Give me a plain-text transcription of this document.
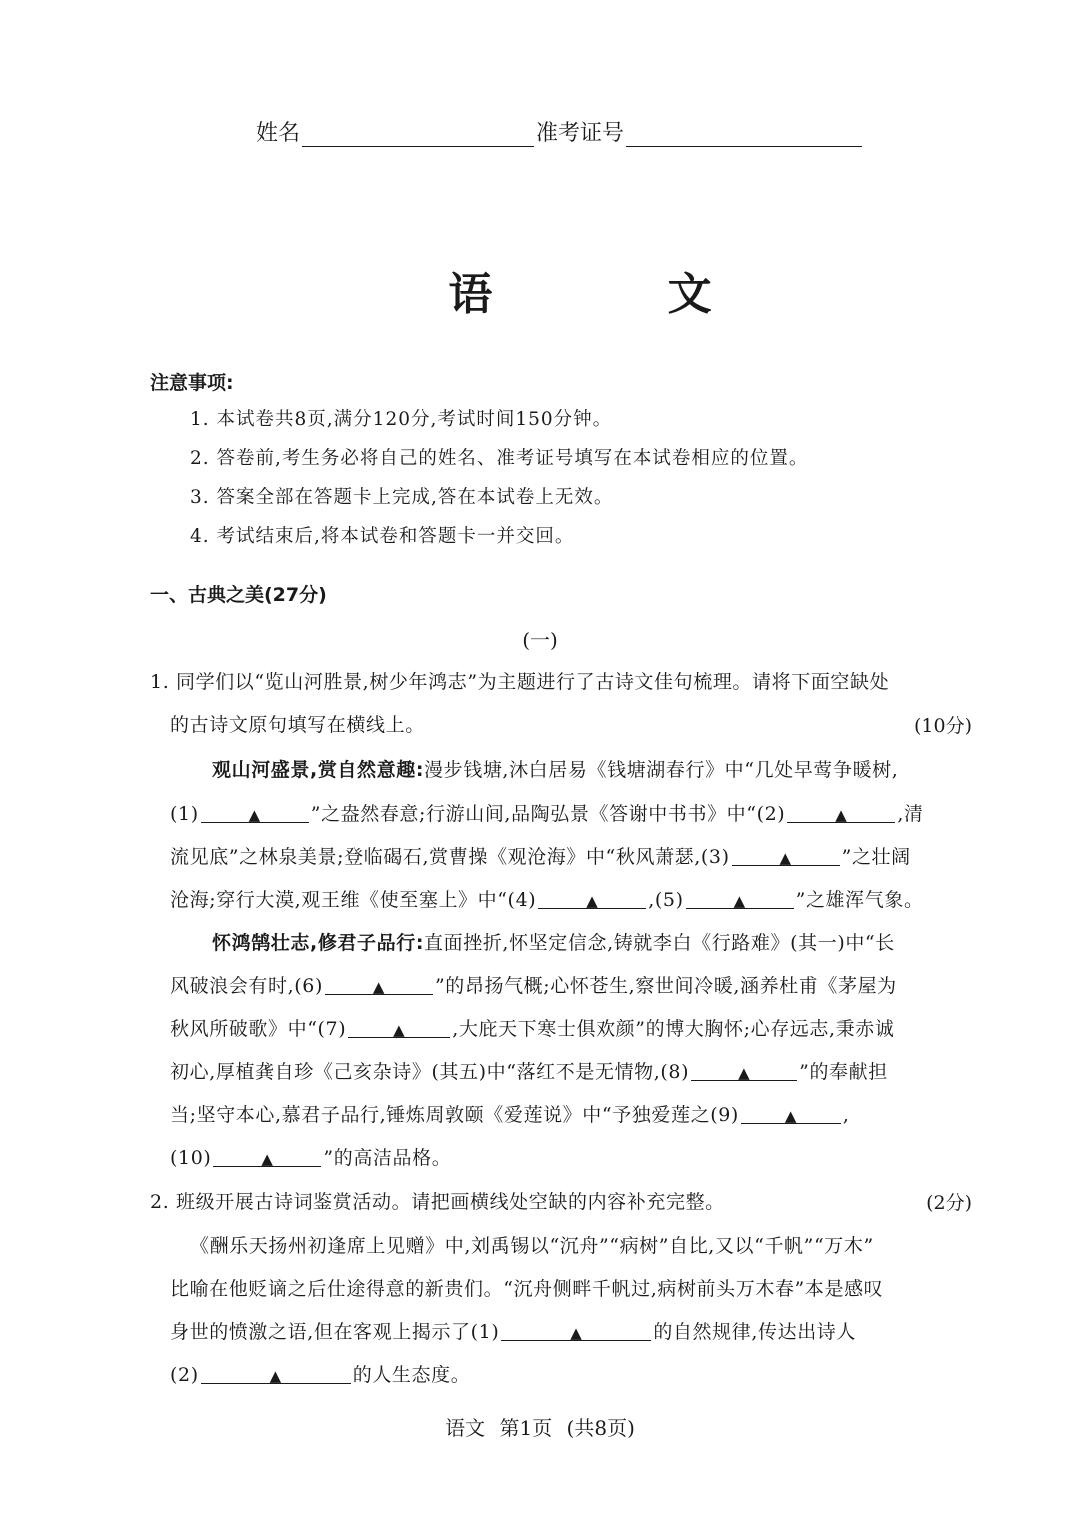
姓名	准考证号
语 文
注意事项:
1. 本试卷共8页,满分120分,考试时间150分钟。
2. 答卷前,考生务必将自己的姓名、准考证号填写在本试卷相应的位置。
3. 答案全部在答题卡上完成,答在本试卷上无效。
4. 考试结束后,将本试卷和答题卡一并交回。
一、古典之美(27分)
(一)
1. 同学们以“览山河胜景,树少年鸿志”为主题进行了古诗文佳句梳理。请将下面空缺处
的古诗文原句填写在横线上。	(10分)
观山河盛景,赏自然意趣:漫步钱塘,沐白居易《钱塘湖春行》中“几处早莺争暖树,
(1)	▲	”之盎然春意;行游山间,品陶弘景《答谢中书书》中“(2)	▲	,清
流见底”之林泉美景;登临碣石,赏曹操《观沧海》中“秋风萧瑟,(3)	▲	”之壮阔
沧海;穿行大漠,观王维《使至塞上》中“(4)	▲	,(5)	▲	”之雄浑气象。
怀鸿鹄壮志,修君子品行:直面挫折,怀坚定信念,铸就李白《行路难》(其一)中“长
风破浪会有时,(6)	▲	”的昂扬气概;心怀苍生,察世间冷暖,涵养杜甫《茅屋为
秋风所破歌》中“(7)	▲ ,大庇天下寒士俱欢颜”的博大胸怀;心存远志,秉赤诚
初心,厚植龚自珍《己亥杂诗》(其五)中“落红不是无情物,(8)	▲	”的奉献担
当;坚守本心,慕君子品行,锤炼周敦颐《爱莲说》中“予独爱莲之(9)	▲ ,
(10)	▲	”的高洁品格。
2. 班级开展古诗词鉴赏活动。请把画横线处空缺的内容补充完整。	(2分)
《酬乐天扬州初逢席上见赠》中,刘禹锡以“沉舟”“病树”自比,又以“千帆”“万木”
比喻在他贬谪之后仕途得意的新贵们。“沉舟侧畔千帆过,病树前头万木春”本是感叹
身世的愤激之语,但在客观上揭示了(1)	▲	的自然规律,传达出诗人
(2)	▲	的人生态度。
语文 第1页 (共8页)
